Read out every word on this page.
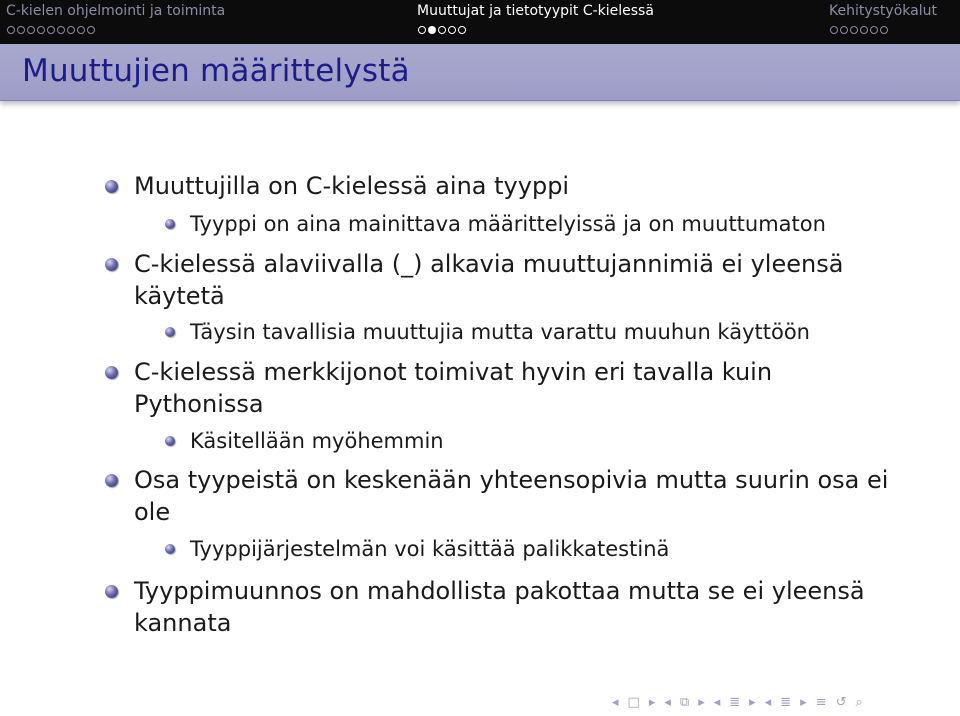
C-kielen ohjelmointi ja toiminta	Muuttujat ja tietotyypit C-kielessä	Kehitystyökalut
Muuttujien määrittelystä
Muuttujilla on C-kielessä aina tyyppi
Tyyppi on aina mainittava määrittelyissä ja on muuttumaton
C-kielessä alaviivalla (_) alkavia muuttujannimiä ei yleensä käytetä
Täysin tavallisia muuttujia mutta varattu muuhun käyttöön
C-kielessä merkkijonot toimivat hyvin eri tavalla kuin Pythonissa
Käsitellään myöhemmin
Osa tyypeistä on keskenään yhteensopivia mutta suurin osa ei ole
Tyyppijärjestelmän voi käsittää palikkatestinä
Tyyppimuunnos on mahdollista pakottaa mutta se ei yleensä kannata
◂ □ ▸ ◂ ⧉ ▸ ◂ ≣ ▸ ◂ ≣ ▸ ≡ ↺ ⌕
